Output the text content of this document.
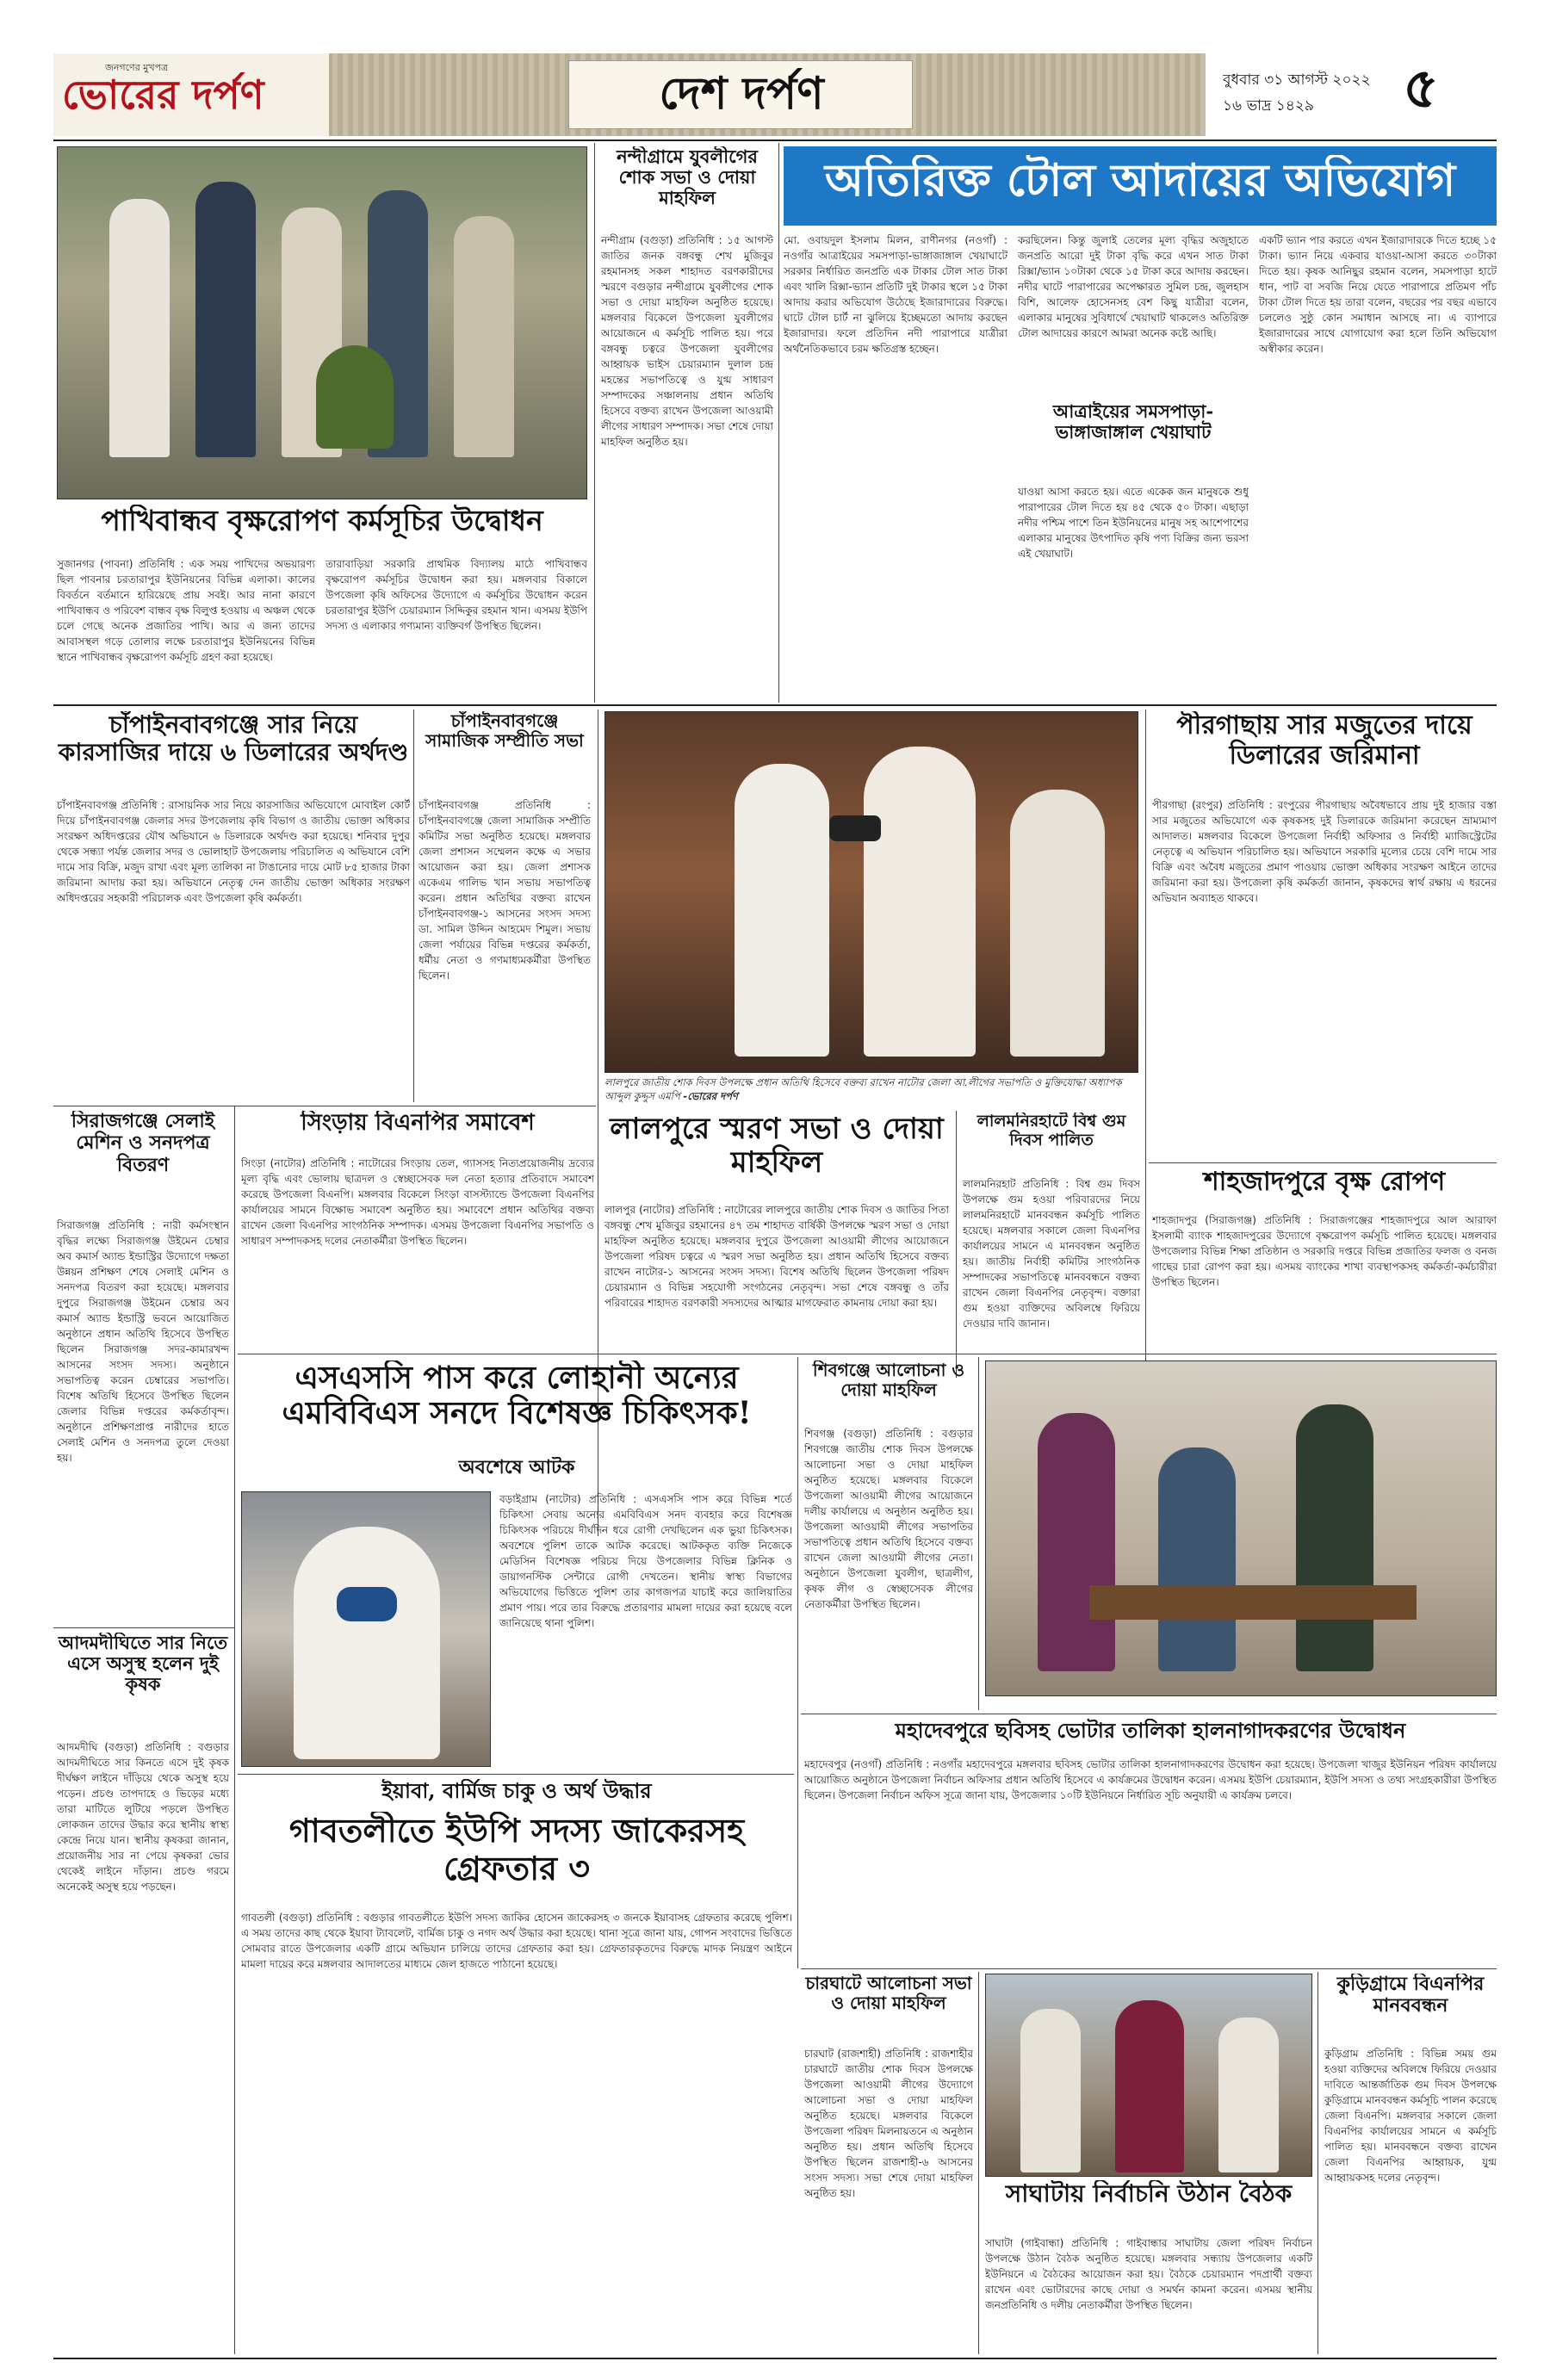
জনগণের মুখপত্র
ভোরের দর্পণ	দেশ দর্পণ	বুধবার ৩১ আগস্ট ২০২২
১৬ ভাদ্র ১৪২৯	৫
পাখিবান্ধব বৃক্ষরোপণ কর্মসূচির উদ্বোধন
সুজানগর (পাবনা) প্রতিনিধি : এক সময় পাখিদের অভয়ারণ্য ছিল পাবনার চরতারাপুর ইউনিয়নের বিভিন্ন এলাকা। কালের বিবর্তনে বর্তমানে হারিয়েছে প্রায় সবই। আর নানা কারণে পাখিবান্ধব ও পরিবেশ বান্ধব বৃক্ষ বিলুপ্ত হওয়ায় এ অঞ্চল থেকে চলে গেছে অনেক প্রজাতির পাখি। আর এ জন্য তাদের আবাসস্থল গড়ে তোলার লক্ষে চরতারাপুর ইউনিয়নের বিভিন্ন স্থানে পাখিবান্ধব বৃক্ষরোপণ কর্মসূচি গ্রহণ করা হয়েছে।
তারাবাড়িয়া সরকারি প্রাথমিক বিদ্যালয় মাঠে পাখিবান্ধব বৃক্ষরোপণ কর্মসূচির উদ্বোধন করা হয়। মঙ্গলবার বিকালে উপজেলা কৃষি অফিসের উদ্যোগে এ কর্মসূচির উদ্বোধন করেন চরতারাপুর ইউপি চেয়ারম্যান সিদ্দিকুর রহমান খান। এসময় ইউপি সদস্য ও এলাকার গণ্যমান্য ব্যক্তিবর্গ উপস্থিত ছিলেন।
নন্দীগ্রামে যুবলীগের শোক সভা ও দোয়া মাহফিল
নন্দীগ্রাম (বগুড়া) প্রতিনিধি : ১৫ আগস্ট জাতির জনক বঙ্গবন্ধু শেখ মুজিবুর রহমানসহ সকল শাহাদত বরণকারীদের স্মরণে বগুড়ার নন্দীগ্রামে যুবলীগের শোক সভা ও দোয়া মাহফিল অনুষ্ঠিত হয়েছে। মঙ্গলবার বিকেলে উপজেলা যুবলীগের আয়োজনে এ কর্মসূচি পালিত হয়। পরে বঙ্গবন্ধু চত্বরে উপজেলা যুবলীগের আহ্বায়ক ভাইস চেয়ারম্যান দুলাল চন্দ্র মহন্তের সভাপতিত্বে ও যুগ্ম সাধারণ সম্পাদকের সঞ্চালনায় প্রধান অতিথি হিসেবে বক্তব্য রাখেন উপজেলা আওয়ামী লীগের সাধারণ সম্পাদক। সভা শেষে দোয়া মাহফিল অনুষ্ঠিত হয়।
অতিরিক্ত টোল আদায়ের অভিযোগ
মো. ওবায়দুল ইসলাম মিলন, রাণীনগর (নওগাঁ) : নওগাঁর আত্রাইয়ের সমসপাড়া-ভাঙ্গাজাঙ্গাল খেয়াঘাটে সরকার নির্ধারিত জনপ্রতি এক টাকার টোল সাত টাকা এবং খালি রিক্সা-ভ্যান প্রতিটি দুই টাকার স্থলে ১৫ টাকা আদায় করার অভিযোগ উঠেছে ইজারাদারের বিরুদ্ধে। ঘাটে টোল চার্ট না ঝুলিয়ে ইচ্ছেমতো আদায় করছেন ইজারাদার। ফলে প্রতিদিন নদী পারাপারে যাত্রীরা অর্থনৈতিকভাবে চরম ক্ষতিগ্রস্ত হচ্ছেন।
করছিলেন। কিন্তু জুলাই তেলের মূল্য বৃদ্ধির অজুহাতে জনপ্রতি আরো দুই টাকা বৃদ্ধি করে এখন সাত টাকা রিক্সা/ভ্যান ১০টাকা থেকে ১৫ টাকা করে আদায় করছেন। নদীর ঘাটে পারাপারের অপেক্ষারত সুমিল চন্দ্র, জুলহাস বিশি, আলেফ হোসেনসহ বেশ কিছু যাত্রীরা বলেন, এলাকার মানুষের সুবিধার্থে খেয়াঘাট থাকলেও অতিরিক্ত টোল আদায়ের কারণে আমরা অনেক কষ্টে আছি।
একটি ভ্যান পার করতে এখন ইজারাদারকে দিতে হচ্ছে ১৫ টাকা। ভ্যান নিয়ে একবার যাওয়া-আসা করতে ৩০টাকা দিতে হয়। কৃষক আনিছুর রহমান বলেন, সমসপাড়া হাটে ধান, পাট বা সবজি নিয়ে যেতে পারাপারে প্রতিমণ পাঁচ টাকা টোল দিতে হয় তারা বলেন, বছরের পর বছর এভাবে চললেও সুষ্ঠু কোন সমাধান আসছে না। এ ব্যাপারে ইজারাদারের সাথে যোগাযোগ করা হলে তিনি অভিযোগ অস্বীকার করেন।
আত্রাইয়ের সমসপাড়া-ভাঙ্গাজাঙ্গাল খেয়াঘাট
যাওয়া আসা করতে হয়। এতে একেক জন মানুষকে শুধু পারাপারের টোল দিতে হয় ৪৫ থেকে ৫০ টাকা। এছাড়া নদীর পশ্চিম পাশে তিন ইউনিয়নের মানুষ সহ আশেপাশের এলাকার মানুষের উৎপাদিত কৃষি পণ্য বিক্রির জন্য ভরসা এই খেয়াঘাট।
চাঁপাইনবাবগঞ্জে সার নিয়ে কারসাজির দায়ে ৬ ডিলারের অর্থদণ্ড
চাঁপাইনবাবগঞ্জ প্রতিনিধি : রাসায়নিক সার নিয়ে কারসাজির অভিযোগে মোবাইল কোর্ট দিয়ে চাঁপাইনবাবগঞ্জ জেলার সদর উপজেলায় কৃষি বিভাগ ও জাতীয় ভোক্তা অধিকার সংরক্ষণ অধিদপ্তরের যৌথ অভিযানে ৬ ডিলারকে অর্থদণ্ড করা হয়েছে। শনিবার দুপুর থেকে সন্ধ্যা পর্যন্ত জেলার সদর ও ভোলাহাট উপজেলায় পরিচালিত এ অভিযানে বেশি দামে সার বিক্রি, মজুদ রাখা এবং মূল্য তালিকা না টাঙানোর দায়ে মোট ৮৫ হাজার টাকা জরিমানা আদায় করা হয়। অভিযানে নেতৃত্ব দেন জাতীয় ভোক্তা অধিকার সংরক্ষণ অধিদপ্তরের সহকারী পরিচালক এবং উপজেলা কৃষি কর্মকর্তা।
চাঁপাইনবাবগঞ্জে সামাজিক সম্প্রীতি সভা
চাঁপাইনবাবগঞ্জ প্রতিনিধি : চাঁপাইনবাবগঞ্জে জেলা সামাজিক সম্প্রীতি কমিটির সভা অনুষ্ঠিত হয়েছে। মঙ্গলবার জেলা প্রশাসন সম্মেলন কক্ষে এ সভার আয়োজন করা হয়। জেলা প্রশাসক একেএম গালিভ খান সভায় সভাপতিত্ব করেন। প্রধান অতিথির বক্তব্য রাখেন চাঁপাইনবাবগঞ্জ-১ আসনের সংসদ সদস্য ডা. সামিল উদ্দিন আহমেদ শিমুল। সভায় জেলা পর্যায়ের বিভিন্ন দপ্তরের কর্মকর্তা, ধর্মীয় নেতা ও গণমাধ্যমকর্মীরা উপস্থিত ছিলেন।
লালপুরে জাতীয় শোক দিবস উপলক্ষে প্রধান অতিথি হিসেবে বক্তব্য রাখেন নাটোর জেলা আ.লীগের সভাপতি ও মুক্তিযোদ্ধা অধ্যাপক আব্দুল কুদ্দুস এমপি -ভোরের দর্পণ
পীরগাছায় সার মজুতের দায়ে ডিলারের জরিমানা
পীরগাছা (রংপুর) প্রতিনিধি : রংপুরের পীরগাছায় অবৈধভাবে প্রায় দুই হাজার বস্তা সার মজুতের অভিযোগে এক কৃষকসহ দুই ডিলারকে জরিমানা করেছেন ভ্রাম্যমাণ আদালত। মঙ্গলবার বিকেলে উপজেলা নির্বাহী অফিসার ও নির্বাহী ম্যাজিস্ট্রেটের নেতৃত্বে এ অভিযান পরিচালিত হয়। অভিযানে সরকারি মূল্যের চেয়ে বেশি দামে সার বিক্রি এবং অবৈধ মজুতের প্রমাণ পাওয়ায় ভোক্তা অধিকার সংরক্ষণ আইনে তাদের জরিমানা করা হয়। উপজেলা কৃষি কর্মকর্তা জানান, কৃষকদের স্বার্থ রক্ষায় এ ধরনের অভিযান অব্যাহত থাকবে।
শাহজাদপুরে বৃক্ষ রোপণ
শাহজাদপুর (সিরাজগঞ্জ) প্রতিনিধি : সিরাজগঞ্জের শাহজাদপুরে আল আরাফা ইসলামী ব্যাংক শাহজাদপুরের উদ্যোগে বৃক্ষরোপণ কর্মসূচি পালিত হয়েছে। মঙ্গলবার উপজেলার বিভিন্ন শিক্ষা প্রতিষ্ঠান ও সরকারি দপ্তরে বিভিন্ন প্রজাতির ফলজ ও বনজ গাছের চারা রোপণ করা হয়। এসময় ব্যাংকের শাখা ব্যবস্থাপকসহ কর্মকর্তা-কর্মচারীরা উপস্থিত ছিলেন।
সিরাজগঞ্জে সেলাই মেশিন ও সনদপত্র বিতরণ
সিরাজগঞ্জ প্রতিনিধি : নারী কর্মসংস্থান বৃদ্ধির লক্ষ্যে সিরাজগঞ্জ উইমেন চেম্বার অব কমার্স অ্যান্ড ইন্ডাস্ট্রির উদ্যোগে দক্ষতা উন্নয়ন প্রশিক্ষণ শেষে সেলাই মেশিন ও সনদপত্র বিতরণ করা হয়েছে। মঙ্গলবার দুপুরে সিরাজগঞ্জ উইমেন চেম্বার অব কমার্স অ্যান্ড ইন্ডাস্ট্রি ভবনে আয়োজিত অনুষ্ঠানে প্রধান অতিথি হিসেবে উপস্থিত ছিলেন সিরাজগঞ্জ সদর-কামারখন্দ আসনের সংসদ সদস্য। অনুষ্ঠানে সভাপতিত্ব করেন চেম্বারের সভাপতি। বিশেষ অতিথি হিসেবে উপস্থিত ছিলেন জেলার বিভিন্ন দপ্তরের কর্মকর্তাবৃন্দ। অনুষ্ঠানে প্রশিক্ষণপ্রাপ্ত নারীদের হাতে সেলাই মেশিন ও সনদপত্র তুলে দেওয়া হয়।
সিংড়ায় বিএনপির সমাবেশ
সিংড়া (নাটোর) প্রতিনিধি : নাটোরের সিংড়ায় তেল, গ্যাসসহ নিত্যপ্রয়োজনীয় দ্রব্যের মূল্য বৃদ্ধি এবং ভোলায় ছাত্রদল ও স্বেচ্ছাসেবক দল নেতা হত্যার প্রতিবাদে সমাবেশ করেছে উপজেলা বিএনপি। মঙ্গলবার বিকেলে সিংড়া বাসস্ট্যান্ডে উপজেলা বিএনপির কার্যালয়ের সামনে বিক্ষোভ সমাবেশ অনুষ্ঠিত হয়। সমাবেশে প্রধান অতিথির বক্তব্য রাখেন জেলা বিএনপির সাংগঠনিক সম্পাদক। এসময় উপজেলা বিএনপির সভাপতি ও সাধারণ সম্পাদকসহ দলের নেতাকর্মীরা উপস্থিত ছিলেন।
লালপুরে স্মরণ সভা ও দোয়া মাহফিল
লালপুর (নাটোর) প্রতিনিধি : নাটোরের লালপুরে জাতীয় শোক দিবস ও জাতির পিতা বঙ্গবন্ধু শেখ মুজিবুর রহমানের ৪৭ তম শাহাদত বার্ষিকী উপলক্ষে স্মরণ সভা ও দোয়া মাহফিল অনুষ্ঠিত হয়েছে। মঙ্গলবার দুপুরে উপজেলা আওয়ামী লীগের আয়োজনে উপজেলা পরিষদ চত্বরে এ স্মরণ সভা অনুষ্ঠিত হয়। প্রধান অতিথি হিসেবে বক্তব্য রাখেন নাটোর-১ আসনের সংসদ সদস্য। বিশেষ অতিথি ছিলেন উপজেলা পরিষদ চেয়ারম্যান ও বিভিন্ন সহযোগী সংগঠনের নেতৃবৃন্দ। সভা শেষে বঙ্গবন্ধু ও তাঁর পরিবারের শাহাদত বরণকারী সদস্যদের আত্মার মাগফেরাত কামনায় দোয়া করা হয়।
লালমনিরহাটে বিশ্ব গুম দিবস পালিত
লালমনিরহাট প্রতিনিধি : বিশ্ব গুম দিবস উপলক্ষে গুম হওয়া পরিবারদের নিয়ে লালমনিরহাটে মানববন্ধন কর্মসূচি পালিত হয়েছে। মঙ্গলবার সকালে জেলা বিএনপির কার্যালয়ের সামনে এ মানববন্ধন অনুষ্ঠিত হয়। জাতীয় নির্বাহী কমিটির সাংগঠনিক সম্পাদকের সভাপতিত্বে মানববন্ধনে বক্তব্য রাখেন জেলা বিএনপির নেতৃবৃন্দ। বক্তারা গুম হওয়া ব্যক্তিদের অবিলম্বে ফিরিয়ে দেওয়ার দাবি জানান।
এসএসসি পাস করে লোহানী অন্যের এমবিবিএস সনদে বিশেষজ্ঞ চিকিৎসক!
অবশেষে আটক
বড়াইগ্রাম (নাটোর) প্রতিনিধি : এসএসসি পাস করে বিভিন্ন শর্তে চিকিৎসা সেবায় অন্যের এমবিবিএস সনদ ব্যবহার করে বিশেষজ্ঞ চিকিৎসক পরিচয়ে দীর্ঘদিন ধরে রোগী দেখছিলেন এক ভুয়া চিকিৎসক। অবশেষে পুলিশ তাকে আটক করেছে। আটককৃত ব্যক্তি নিজেকে মেডিসিন বিশেষজ্ঞ পরিচয় দিয়ে উপজেলার বিভিন্ন ক্লিনিক ও ডায়াগনস্টিক সেন্টারে রোগী দেখতেন। স্থানীয় স্বাস্থ্য বিভাগের অভিযোগের ভিত্তিতে পুলিশ তার কাগজপত্র যাচাই করে জালিয়াতির প্রমাণ পায়। পরে তার বিরুদ্ধে প্রতারণার মামলা দায়ের করা হয়েছে বলে জানিয়েছে থানা পুলিশ।
শিবগঞ্জে আলোচনা ও দোয়া মাহফিল
শিবগঞ্জ (বগুড়া) প্রতিনিধি : বগুড়ার শিবগঞ্জে জাতীয় শোক দিবস উপলক্ষে আলোচনা সভা ও দোয়া মাহফিল অনুষ্ঠিত হয়েছে। মঙ্গলবার বিকেলে উপজেলা আওয়ামী লীগের আয়োজনে দলীয় কার্যালয়ে এ অনুষ্ঠান অনুষ্ঠিত হয়। উপজেলা আওয়ামী লীগের সভাপতির সভাপতিত্বে প্রধান অতিথি হিসেবে বক্তব্য রাখেন জেলা আওয়ামী লীগের নেতা। অনুষ্ঠানে উপজেলা যুবলীগ, ছাত্রলীগ, কৃষক লীগ ও স্বেচ্ছাসেবক লীগের নেতাকর্মীরা উপস্থিত ছিলেন।
মহাদেবপুরে ছবিসহ ভোটার তালিকা হালনাগাদকরণের উদ্বোধন
মহাদেবপুর (নওগাঁ) প্রতিনিধি : নওগাঁর মহাদেবপুরে মঙ্গলবার ছবিসহ ভোটার তালিকা হালনাগাদকরণের উদ্বোধন করা হয়েছে। উপজেলা খাজুর ইউনিয়ন পরিষদ কার্যালয়ে আয়োজিত অনুষ্ঠানে উপজেলা নির্বাচন অফিসার প্রধান অতিথি হিসেবে এ কার্যক্রমের উদ্বোধন করেন। এসময় ইউপি চেয়ারম্যান, ইউপি সদস্য ও তথ্য সংগ্রহকারীরা উপস্থিত ছিলেন। উপজেলা নির্বাচন অফিস সূত্রে জানা যায়, উপজেলার ১০টি ইউনিয়নে নির্ধারিত সূচি অনুযায়ী এ কার্যক্রম চলবে।
আদমদীঘিতে সার নিতে এসে অসুস্থ হলেন দুই কৃষক
আদমদীঘি (বগুড়া) প্রতিনিধি : বগুড়ার আদমদীঘিতে সার কিনতে এসে দুই কৃষক দীর্ঘক্ষণ লাইনে দাঁড়িয়ে থেকে অসুস্থ হয়ে পড়েন। প্রচণ্ড তাপদাহে ও ভিড়ের মধ্যে তারা মাটিতে লুটিয়ে পড়লে উপস্থিত লোকজন তাদের উদ্ধার করে স্থানীয় স্বাস্থ্য কেন্দ্রে নিয়ে যান। স্থানীয় কৃষকরা জানান, প্রয়োজনীয় সার না পেয়ে কৃষকরা ভোর থেকেই লাইনে দাঁড়ান। প্রচণ্ড গরমে অনেকেই অসুস্থ হয়ে পড়ছেন।
ইয়াবা, বার্মিজ চাকু ও অর্থ উদ্ধার
গাবতলীতে ইউপি সদস্য জাকেরসহ গ্রেফতার ৩
গাবতলী (বগুড়া) প্রতিনিধি : বগুড়ার গাবতলীতে ইউপি সদস্য জাকির হোসেন জাকেরসহ ৩ জনকে ইয়াবাসহ গ্রেফতার করেছে পুলিশ। এ সময় তাদের কাছ থেকে ইয়াবা ট্যাবলেট, বার্মিজ চাকু ও নগদ অর্থ উদ্ধার করা হয়েছে। থানা সূত্রে জানা যায়, গোপন সংবাদের ভিত্তিতে সোমবার রাতে উপজেলার একটি গ্রামে অভিযান চালিয়ে তাদের গ্রেফতার করা হয়। গ্রেফতারকৃতদের বিরুদ্ধে মাদক নিয়ন্ত্রণ আইনে মামলা দায়ের করে মঙ্গলবার আদালতের মাধ্যমে জেল হাজতে পাঠানো হয়েছে।
চারঘাটে আলোচনা সভা ও দোয়া মাহফিল
চারঘাট (রাজশাহী) প্রতিনিধি : রাজশাহীর চারঘাটে জাতীয় শোক দিবস উপলক্ষে উপজেলা আওয়ামী লীগের উদ্যোগে আলোচনা সভা ও দোয়া মাহফিল অনুষ্ঠিত হয়েছে। মঙ্গলবার বিকেলে উপজেলা পরিষদ মিলনায়তনে এ অনুষ্ঠান অনুষ্ঠিত হয়। প্রধান অতিথি হিসেবে উপস্থিত ছিলেন রাজশাহী-৬ আসনের সংসদ সদস্য। সভা শেষে দোয়া মাহফিল অনুষ্ঠিত হয়।	সাঘাটায় নির্বাচনি উঠান বৈঠক
সাঘাটা (গাইবান্ধা) প্রতিনিধি : গাইবান্ধার সাঘাটায় জেলা পরিষদ নির্বাচন উপলক্ষে উঠান বৈঠক অনুষ্ঠিত হয়েছে। মঙ্গলবার সন্ধ্যায় উপজেলার একটি ইউনিয়নে এ বৈঠকের আয়োজন করা হয়। বৈঠকে চেয়ারম্যান পদপ্রার্থী বক্তব্য রাখেন এবং ভোটারদের কাছে দোয়া ও সমর্থন কামনা করেন। এসময় স্থানীয় জনপ্রতিনিধি ও দলীয় নেতাকর্মীরা উপস্থিত ছিলেন।
কুড়িগ্রামে বিএনপির মানববন্ধন
কুড়িগ্রাম প্রতিনিধি : বিভিন্ন সময় গুম হওয়া ব্যক্তিদের অবিলম্বে ফিরিয়ে দেওয়ার দাবিতে আন্তর্জাতিক গুম দিবস উপলক্ষে কুড়িগ্রামে মানববন্ধন কর্মসূচি পালন করেছে জেলা বিএনপি। মঙ্গলবার সকালে জেলা বিএনপির কার্যালয়ের সামনে এ কর্মসূচি পালিত হয়। মানববন্ধনে বক্তব্য রাখেন জেলা বিএনপির আহ্বায়ক, যুগ্ম আহ্বায়কসহ দলের নেতৃবৃন্দ।
